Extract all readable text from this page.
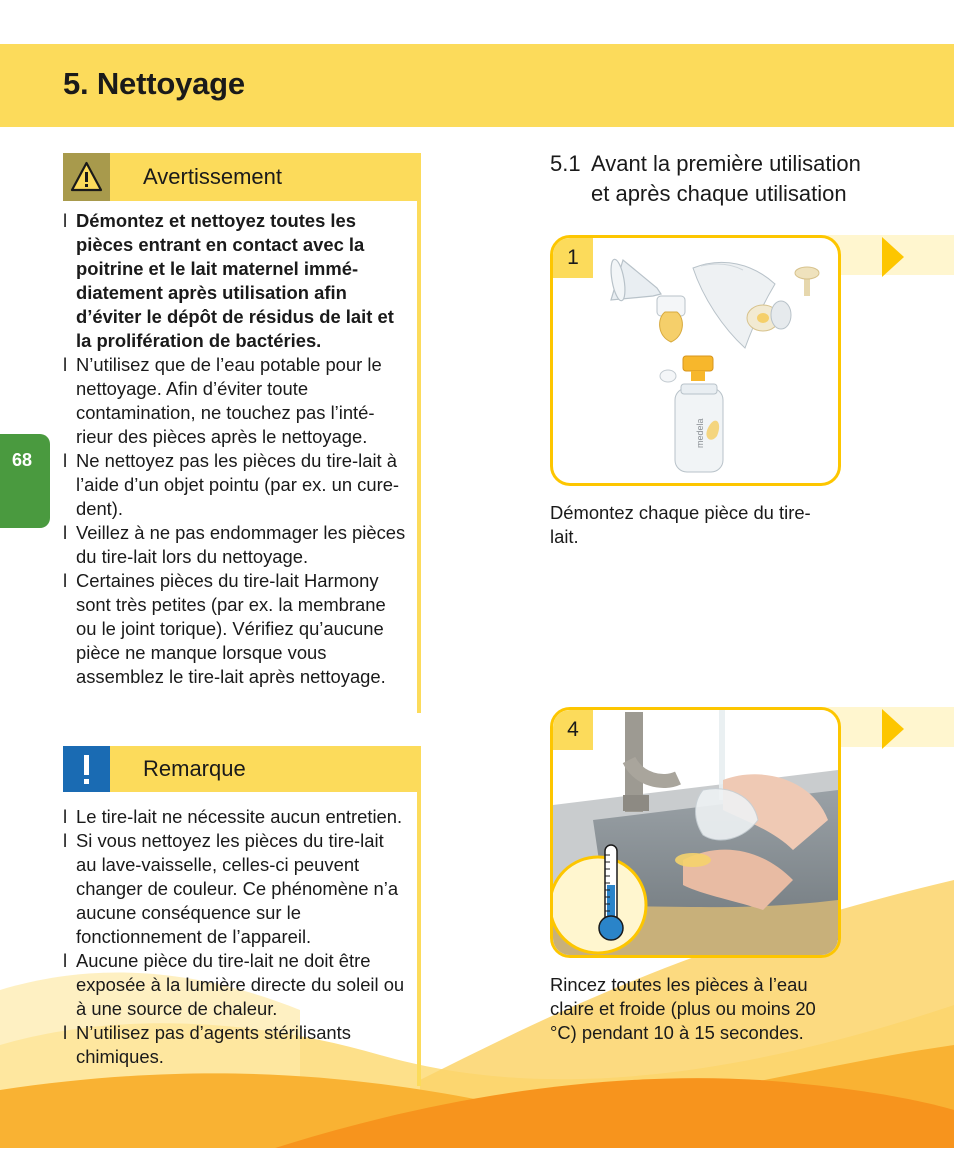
5. Nettoyage
68
Avertissement
l Démontez et nettoyez toutes les pièces entrant en contact avec la poitrine et le lait maternel immé-diatement après utilisation afin d’éviter le dépôt de résidus de lait et la prolifération de bactéries.
l N’utilisez que de l’eau potable pour le nettoyage. Afin d’éviter toute contamination, ne touchez pas l’inté-rieur des pièces après le nettoyage.
l Ne nettoyez pas les pièces du tire-lait à l’aide d’un objet pointu (par ex. un cure-dent).
l Veillez à ne pas endommager les pièces du tire-lait lors du nettoyage.
l Certaines pièces du tire-lait Harmony sont très petites (par ex. la membrane ou le joint torique). Vérifiez qu’aucune pièce ne manque lorsque vous assemblez le tire-lait après nettoyage.
Remarque
l Le tire-lait ne nécessite aucun entretien.
l Si vous nettoyez les pièces du tire-lait au lave-vaisselle, celles-ci peuvent changer de couleur. Ce phénomène n’a aucune conséquence sur le fonctionnement de l’appareil.
l Aucune pièce du tire-lait ne doit être exposée à la lumière directe du soleil ou à une source de chaleur.
l N’utilisez pas d’agents stérilisants chimiques.
5.1 Avant la première utilisation
et après chaque utilisation
medela
1
Démontez chaque pièce du tire-lait.
4
Rincez toutes les pièces à l’eau claire et froide (plus ou moins 20 °C) pendant 10 à 15 secondes.
